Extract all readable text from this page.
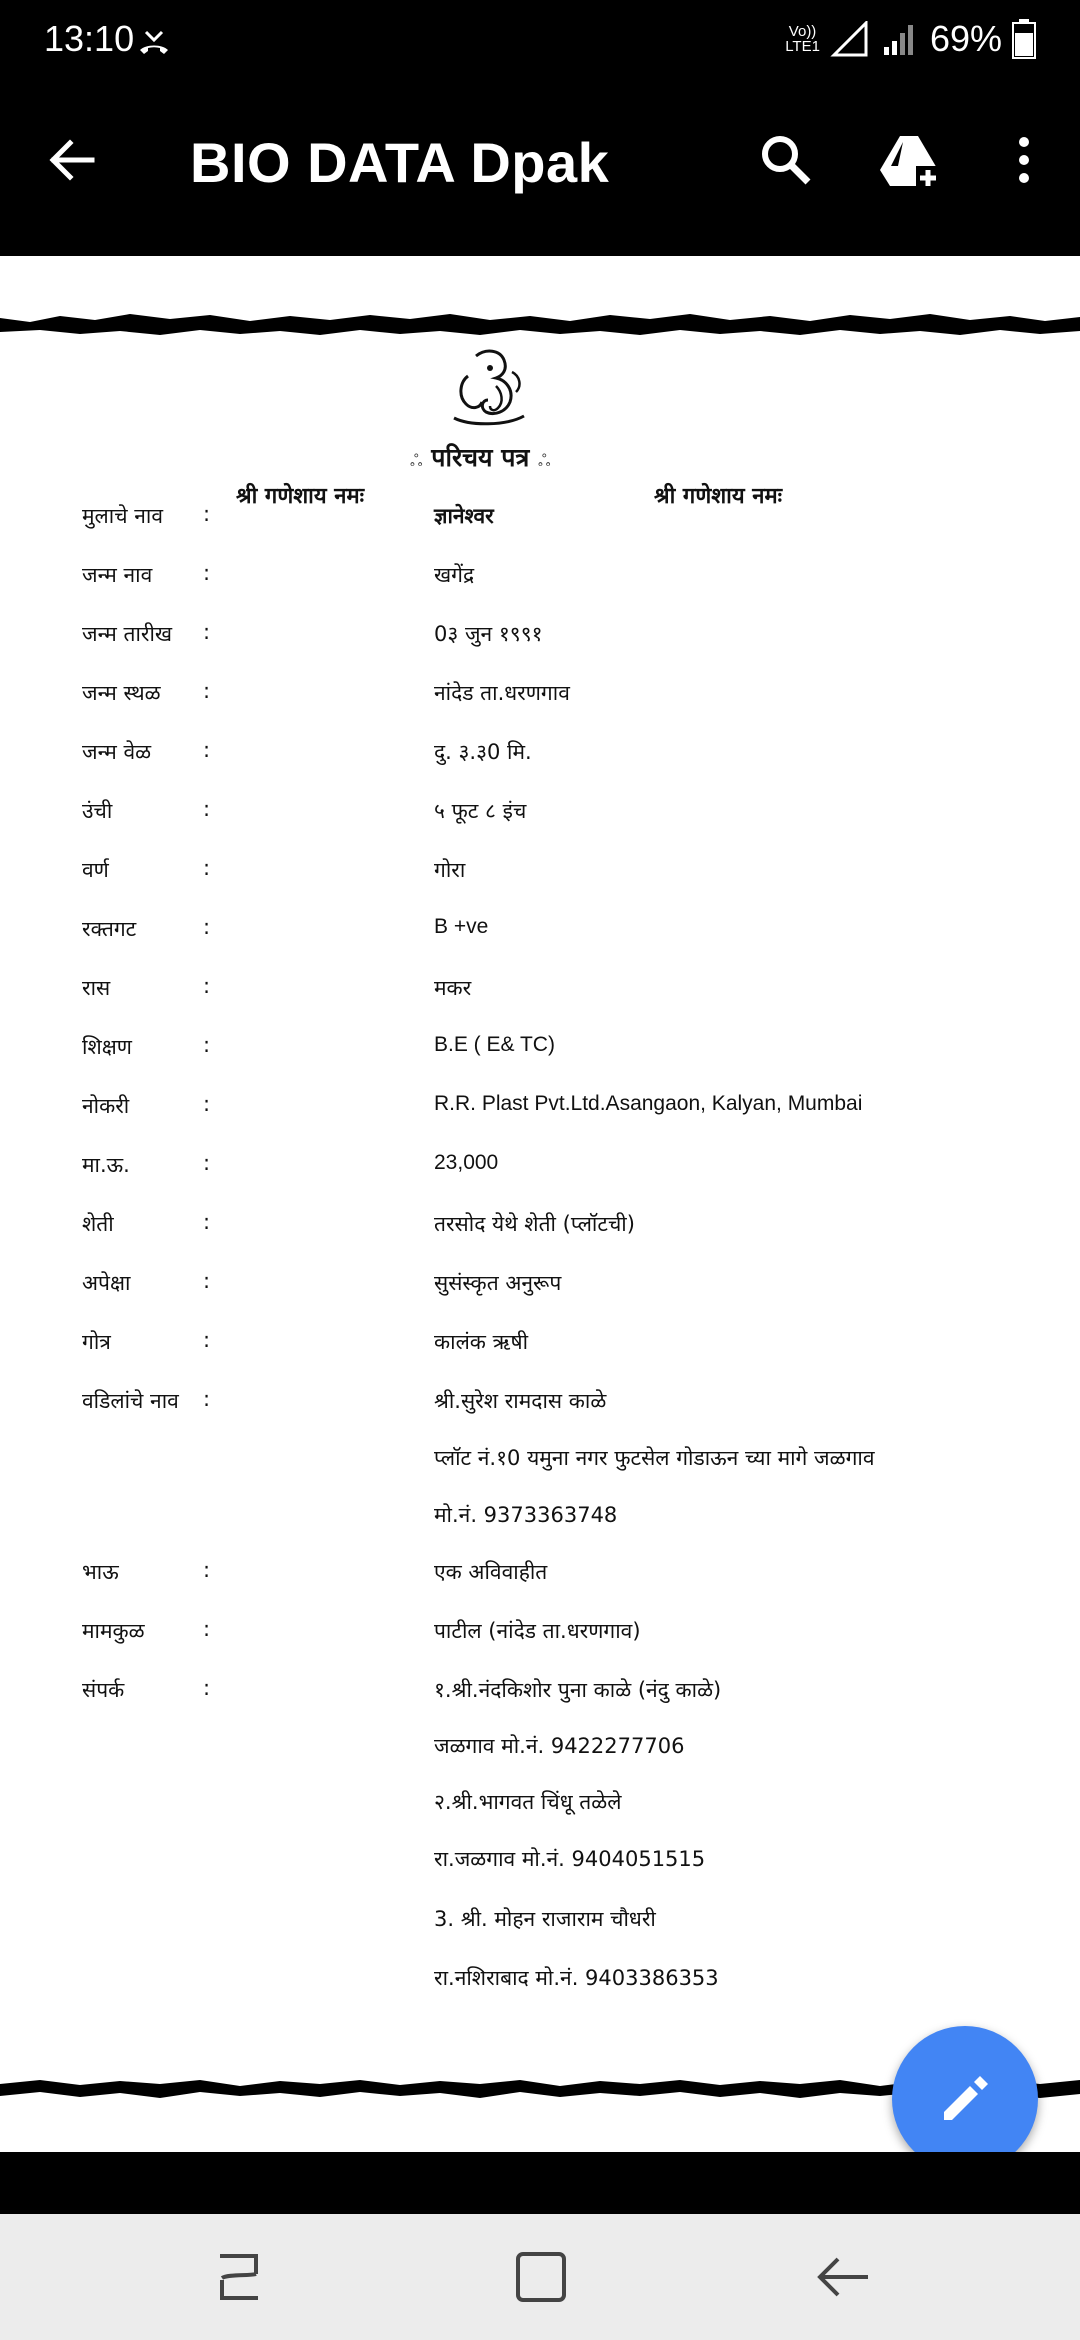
13:10	Vo))
LTE1	69%
BIO DATA Dpak
श्री गणेशाय नमः	श्री गणेशाय नमः
ஃ परिचय पत्र ஃ
मुलाचे नाव :	ज्ञानेश्वर
जन्म नाव :	खगेंद्र
जन्म तारीख :	0३ जुन १९९१
जन्म स्थळ :	नांदेड ता.धरणगाव
जन्म वेळ :	दु. ३.३0 मि.
उंची	:	५ फूट ८ इंच
वर्ण	:	गोरा
रक्तगट	:	B +ve
रास	:	मकर
शिक्षण	:	B.E ( E& TC)
नोकरी	:	R.R. Plast Pvt.Ltd.Asangaon, Kalyan, Mumbai
मा.ऊ.	:	23,000
शेती	:	तरसोद येथे शेती (प्लॉटची)
अपेक्षा	:	सुसंस्कृत अनुरूप
गोत्र	:	कालंक ऋषी
वडिलांचे नाव :	श्री.सुरेश रामदास काळे
प्लॉट नं.१0 यमुना नगर फुटसेल गोडाऊन च्या मागे जळगाव
मो.नं. 9373363748
भाऊ	:	एक अविवाहीत
मामकुळ	:	पाटील (नांदेड ता.धरणगाव)
संपर्क	:	१.श्री.नंदकिशोर पुना काळे (नंदु काळे)
जळगाव मो.नं. 9422277706
२.श्री.भागवत चिंधू तळेले
रा.जळगाव मो.नं. 9404051515
3. श्री. मोहन राजाराम चौधरी
रा.नशिराबाद मो.नं. 9403386353
